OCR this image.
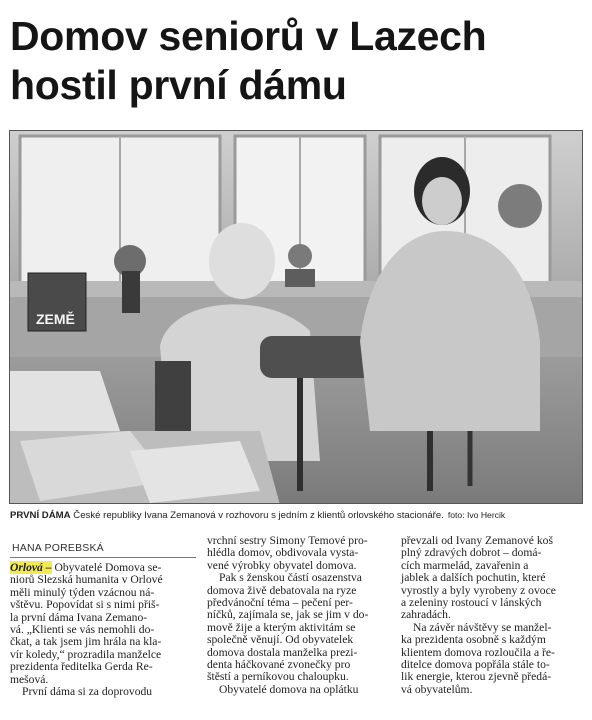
Domov seniorů v Lazech
hostil první dámu
ZEMĚ
PRVNÍ DÁMA České republiky Ivana Zemanová v rozhovoru s jedním z klientů orlovského stacionáře. foto: Ivo Hercik
HANA POREBSKÁ

Orlová – Obyvatelé Domova se-

niorů Slezská humanita v Orlové

měli minulý týden vzácnou ná-

vštěvu. Popovídat si s nimi přiš-

la první dáma Ivana Zemano-

vá. „Klienti se vás nemohli do-

čkat, a tak jsem jim hrála na kla-

vír koledy,“ prozradila manželce

prezidenta ředitelka Gerda Re-

mešová.

První dáma si za doprovodu

vrchní sestry Simony Temové pro-

hlédla domov, obdivovala vysta-

vené výrobky obyvatel domova.

Pak s ženskou částí osazenstva

domova živě debatovala na ryze

předvánoční téma – pečení per-

níčků, zajímala se, jak se jim v do-

mově žije a kterým aktivitám se

společně věnují. Od obyvatelek

domova dostala manželka prezi-

denta háčkované zvonečky pro

štěstí a perníkovou chaloupku.

Obyvatelé domova na oplátku

převzali od Ivany Zemanové koš

plný zdravých dobrot – domá-

cích marmelád, zavařenin a

jablek a dalších pochutin, které

vyrostly a byly vyrobeny z ovoce

a zeleniny rostoucí v lánských

zahradách.

Na závěr návštěvy se manžel-

ka prezidenta osobně s každým

klientem domova rozloučila a ře-

ditelce domova popřála stále to-

lik energie, kterou zjevně předá-

vá obyvatelům.
